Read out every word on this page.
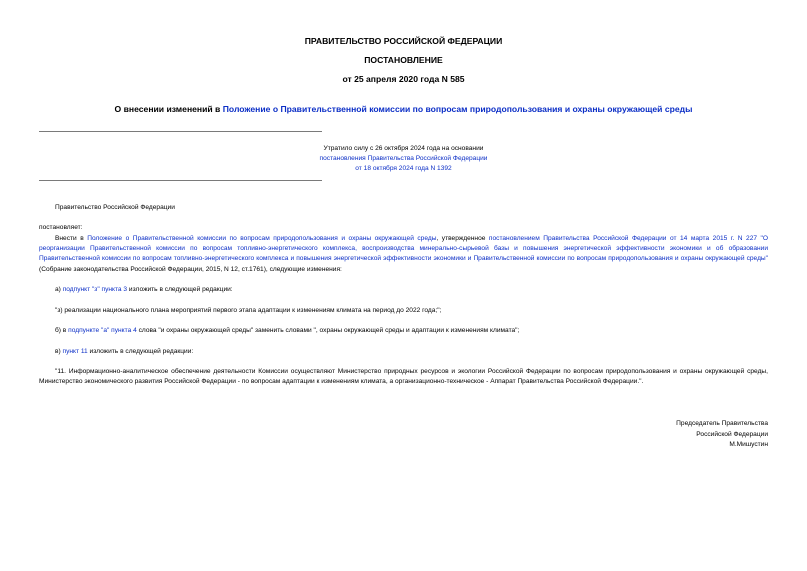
ПРАВИТЕЛЬСТВО РОССИЙСКОЙ ФЕДЕРАЦИИ
ПОСТАНОВЛЕНИЕ
от 25 апреля 2020 года N 585
О внесении изменений в Положение о Правительственной комиссии по вопросам природопользования и охраны окружающей среды

Утратило силу с 26 октября 2024 года на основании

постановления Правительства Российской Федерации

от 18 октября 2024 года N 1392

Правительство Российской Федерации
постановляет:
Внести в Положение о Правительственной комиссии по вопросам природопользования и охраны окружающей среды, утвержденное постановлением Правительства Российской Федерации от 14 марта 2015 г. N 227 "О реорганизации Правительственной комиссии по вопросам топливно-энергетического комплекса, воспроизводства минерально-сырьевой базы и повышения энергетической эффективности экономики и об образовании Правительственной комиссии по вопросам топливно-энергетического комплекса и повышения энергетической эффективности экономики и Правительственной комиссии по вопросам природопользования и охраны окружающей среды" (Собрание законодательства Российской Федерации, 2015, N 12, ст.1761), следующие изменения:
а) подпункт "з" пункта 3 изложить в следующей редакции:
"з) реализации национального плана мероприятий первого этапа адаптации к изменениям климата на период до 2022 года;";
б) в подпункте "а" пункта 4 слова "и охраны окружающей среды" заменить словами ", охраны окружающей среды и адаптации к изменениям климата";
в) пункт 11 изложить в следующей редакции:
"11. Информационно-аналитическое обеспечение деятельности Комиссии осуществляют Министерство природных ресурсов и экологии Российской Федерации по вопросам природопользования и охраны окружающей среды, Министерство экономического развития Российской Федерации - по вопросам адаптации к изменениям климата, а организационно-техническое - Аппарат Правительства Российской Федерации.".

Председатель Правительства

Российской Федерации

М.Мишустин
